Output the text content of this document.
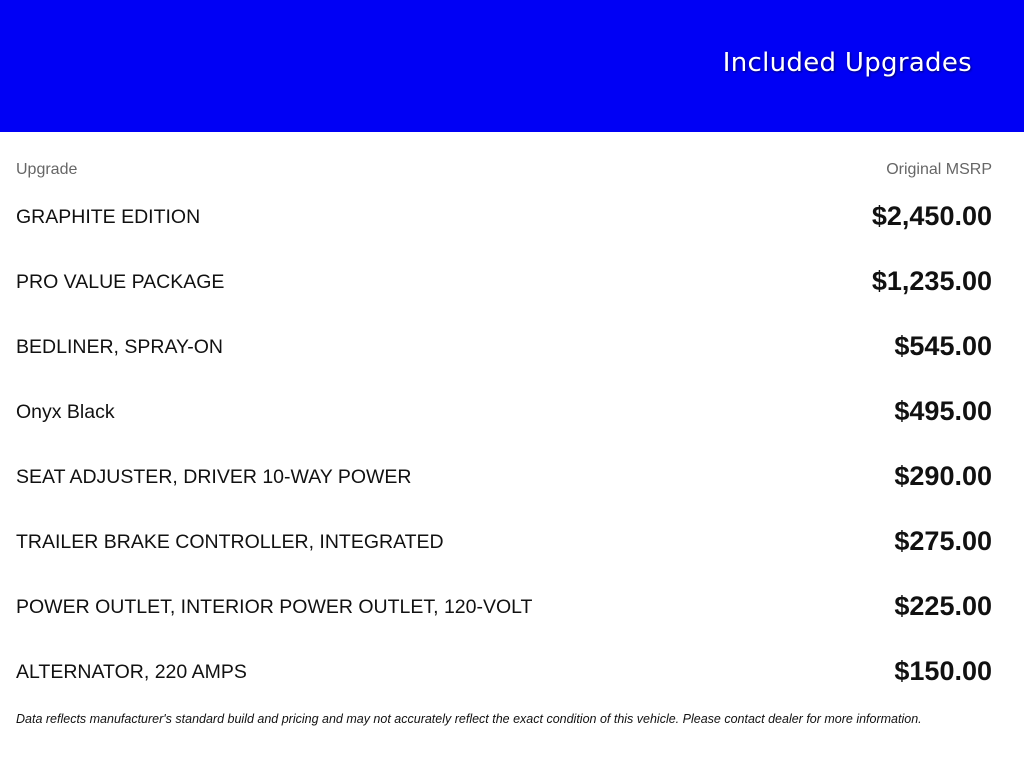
Included Upgrades
Upgrade	Original MSRP
GRAPHITE EDITION	$2,450.00
PRO VALUE PACKAGE	$1,235.00
BEDLINER, SPRAY-ON	$545.00
Onyx Black	$495.00
SEAT ADJUSTER, DRIVER 10-WAY POWER	$290.00
TRAILER BRAKE CONTROLLER, INTEGRATED	$275.00
POWER OUTLET, INTERIOR POWER OUTLET, 120-VOLT	$225.00
ALTERNATOR, 220 AMPS	$150.00
Data reflects manufacturer's standard build and pricing and may not accurately reflect the exact condition of this vehicle. Please contact dealer for more information.
